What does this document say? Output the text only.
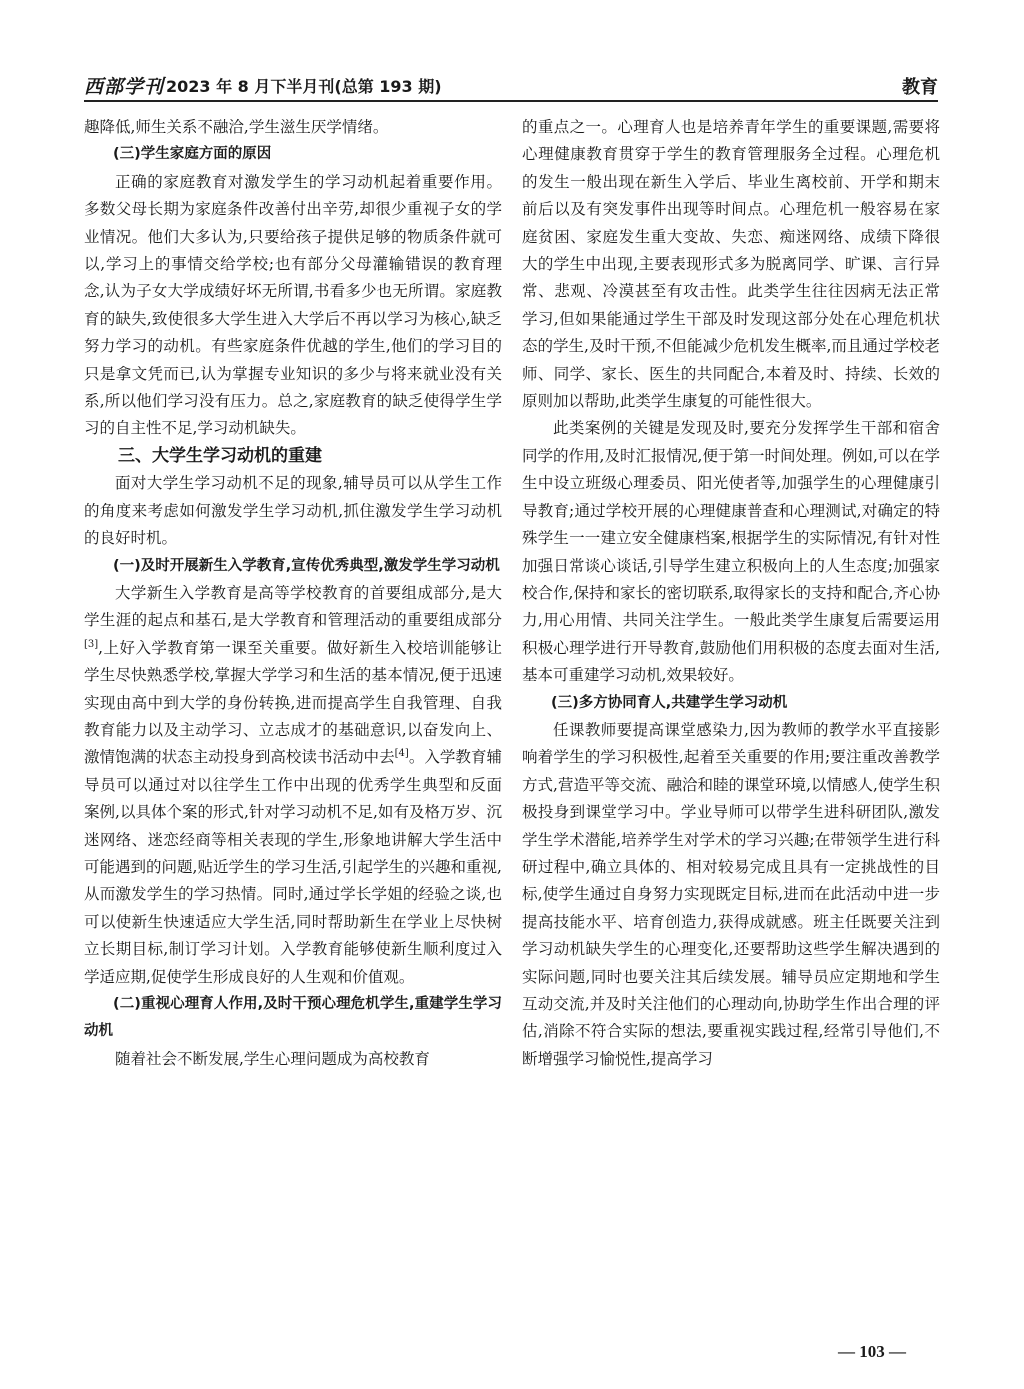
西部学刊 2023 年 8 月下半月刊(总第 193 期)	教育

趣降低,师生关系不融洽,学生滋生厌学情绪。

(三)学生家庭方面的原因

正确的家庭教育对激发学生的学习动机起着重要作用。多数父母长期为家庭条件改善付出辛劳,却很少重视子女的学业情况。他们大多认为,只要给孩子提供足够的物质条件就可以,学习上的事情交给学校;也有部分父母灌输错误的教育理念,认为子女大学成绩好坏无所谓,书看多少也无所谓。家庭教育的缺失,致使很多大学生进入大学后不再以学习为核心,缺乏努力学习的动机。有些家庭条件优越的学生,他们的学习目的只是拿文凭而已,认为掌握专业知识的多少与将来就业没有关系,所以他们学习没有压力。总之,家庭教育的缺乏使得学生学习的自主性不足,学习动机缺失。

三、大学生学习动机的重建

面对大学生学习动机不足的现象,辅导员可以从学生工作的角度来考虑如何激发学生学习动机,抓住激发学生学习动机的良好时机。

(一)及时开展新生入学教育,宣传优秀典型,激发学生学习动机

大学新生入学教育是高等学校教育的首要组成部分,是大学生涯的起点和基石,是大学教育和管理活动的重要组成部分[3],上好入学教育第一课至关重要。做好新生入校培训能够让学生尽快熟悉学校,掌握大学学习和生活的基本情况,便于迅速实现由高中到大学的身份转换,进而提高学生自我管理、自我教育能力以及主动学习、立志成才的基础意识,以奋发向上、激情饱满的状态主动投身到高校读书活动中去[4]。入学教育辅导员可以通过对以往学生工作中出现的优秀学生典型和反面案例,以具体个案的形式,针对学习动机不足,如有及格万岁、沉迷网络、迷恋经商等相关表现的学生,形象地讲解大学生活中可能遇到的问题,贴近学生的学习生活,引起学生的兴趣和重视,从而激发学生的学习热情。同时,通过学长学姐的经验之谈,也可以使新生快速适应大学生活,同时帮助新生在学业上尽快树立长期目标,制订学习计划。入学教育能够使新生顺利度过入学适应期,促使学生形成良好的人生观和价值观。

(二)重视心理育人作用,及时干预心理危机学生,重建学生学习动机

随着社会不断发展,学生心理问题成为高校教育

的重点之一。心理育人也是培养青年学生的重要课题,需要将心理健康教育贯穿于学生的教育管理服务全过程。心理危机的发生一般出现在新生入学后、毕业生离校前、开学和期末前后以及有突发事件出现等时间点。心理危机一般容易在家庭贫困、家庭发生重大变故、失恋、痴迷网络、成绩下降很大的学生中出现,主要表现形式多为脱离同学、旷课、言行异常、悲观、冷漠甚至有攻击性。此类学生往往因病无法正常学习,但如果能通过学生干部及时发现这部分处在心理危机状态的学生,及时干预,不但能减少危机发生概率,而且通过学校老师、同学、家长、医生的共同配合,本着及时、持续、长效的原则加以帮助,此类学生康复的可能性很大。

此类案例的关键是发现及时,要充分发挥学生干部和宿舍同学的作用,及时汇报情况,便于第一时间处理。例如,可以在学生中设立班级心理委员、阳光使者等,加强学生的心理健康引导教育;通过学校开展的心理健康普查和心理测试,对确定的特殊学生一一建立安全健康档案,根据学生的实际情况,有针对性加强日常谈心谈话,引导学生建立积极向上的人生态度;加强家校合作,保持和家长的密切联系,取得家长的支持和配合,齐心协力,用心用情、共同关注学生。一般此类学生康复后需要运用积极心理学进行开导教育,鼓励他们用积极的态度去面对生活,基本可重建学习动机,效果较好。

(三)多方协同育人,共建学生学习动机

任课教师要提高课堂感染力,因为教师的教学水平直接影响着学生的学习积极性,起着至关重要的作用;要注重改善教学方式,营造平等交流、融洽和睦的课堂环境,以情感人,使学生积极投身到课堂学习中。学业导师可以带学生进科研团队,激发学生学术潜能,培养学生对学术的学习兴趣;在带领学生进行科研过程中,确立具体的、相对较易完成且具有一定挑战性的目标,使学生通过自身努力实现既定目标,进而在此活动中进一步提高技能水平、培育创造力,获得成就感。班主任既要关注到学习动机缺失学生的心理变化,还要帮助这些学生解决遇到的实际问题,同时也要关注其后续发展。辅导员应定期地和学生互动交流,并及时关注他们的心理动向,协助学生作出合理的评估,消除不符合实际的想法,要重视实践过程,经常引导他们,不断增强学习愉悦性,提高学习

— 103 —
